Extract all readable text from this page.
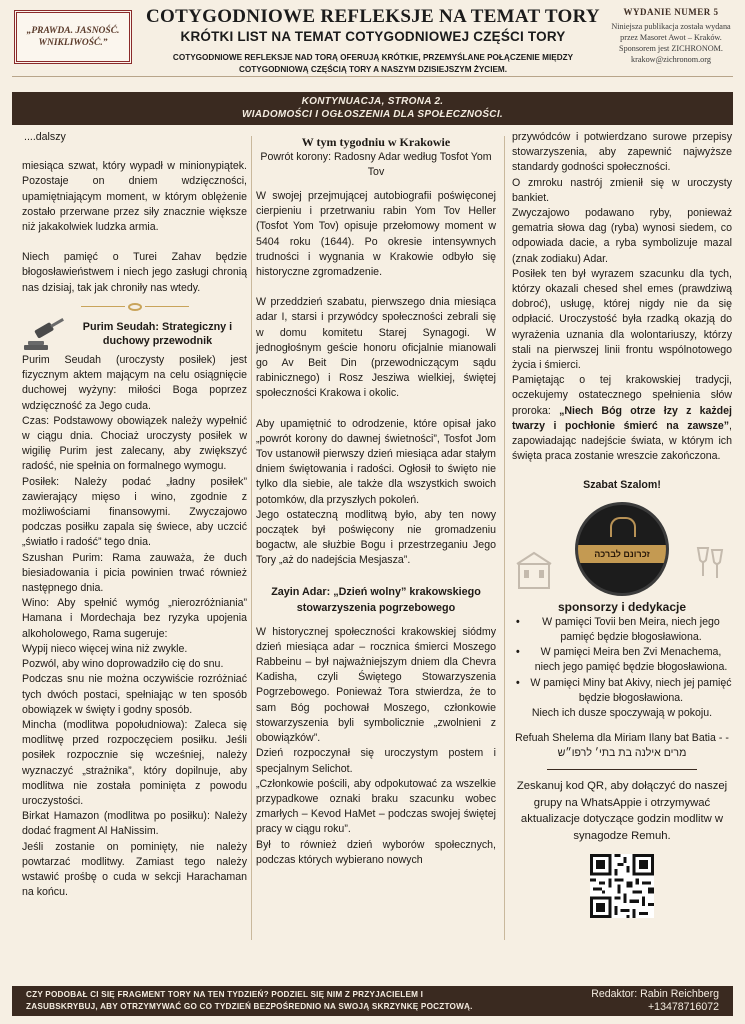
„PRAWDA. JASNOŚĆ. WNIKLIWOŚĆ.”
COTYGODNIOWE REFLEKSJE NA TEMAT TORY
KRÓTKI LIST NA TEMAT COTYGODNIOWEJ CZĘŚCI TORY
COTYGODNIOWE REFLEKSJE NAD TORĄ OFERUJĄ KRÓTKIE, PRZEMYŚLANE POŁĄCZENIE MIĘDZY COTYGODNIOWĄ CZĘŚCIĄ TORY A NASZYM DZISIEJSZYM ŻYCIEM.
WYDANIE NUMER 5
Niniejsza publikacja została wydana przez Masoret Awot – Kraków. Sponsorem jest ZICHRONOM. krakow@zichronom.org
KONTYNUACJA, STRONA 2.
WIADOMOŚCI I OGŁOSZENIA DLA SPOŁECZNOŚCI.
....dalszy

miesiąca szwat, który wypadł w minionypiątek. Pozostaje on dniem wdzięczności, upamiętniającym moment, w którym oblężenie zostało przerwane przez siły znacznie większe niż jakakolwiek ludzka armia.

Niech pamięć o Turei Zahav będzie błogosławieństwem i niech jego zasługi chronią nas dzisiaj, tak jak chroniły nas wtedy.

Purim Seudah: Strategiczny i duchowy przewodnik

Purim Seudah (uroczysty posiłek) jest fizycznym aktem mającym na celu osiągnięcie duchowej wyżyny: miłości Boga poprzez wdzięczność za Jego cuda.

Czas: Podstawowy obowiązek należy wypełnić w ciągu dnia. Chociaż uroczysty posiłek w wigilię Purim jest zalecany, aby zwiększyć radość, nie spełnia on formalnego wymogu.

Posiłek: Należy podać „ładny posiłek” zawierający mięso i wino, zgodnie z możliwościami finansowymi. Zwyczajowo podczas posiłku zapala się świece, aby uczcić „światło i radość” tego dnia.

Szushan Purim: Rama zauważa, że duch biesiadowania i picia powinien trwać również następnego dnia.

Wino: Aby spełnić wymóg „nierozróżniania” Hamana i Mordechaja bez ryzyka upojenia alkoholowego, Rama sugeruje:

Wypij nieco więcej wina niż zwykle.

Pozwól, aby wino doprowadziło cię do snu.

Podczas snu nie można oczywiście rozróżniać tych dwóch postaci, spełniając w ten sposób obowiązek w święty i godny sposób.

Mincha (modlitwa popołudniowa): Zaleca się modlitwę przed rozpoczęciem posiłku. Jeśli posiłek rozpocznie się wcześniej, należy wyznaczyć „strażnika”, który dopilnuje, aby modlitwa nie została pominięta z powodu uroczystości.

Birkat Hamazon (modlitwa po posiłku): Należy dodać fragment Al HaNissim.

Jeśli zostanie on pominięty, nie należy powtarzać modlitwy. Zamiast tego należy wstawić prośbę o cuda w sekcji Harachaman na końcu.

W tym tygodniu w Krakowie
Powrót korony: Radosny Adar według Tosfot Yom Tov

W swojej przejmującej autobiografii poświęconej cierpieniu i przetrwaniu rabin Yom Tov Heller (Tosfot Yom Tov) opisuje przełomowy moment w 5404 roku (1644). Po okresie intensywnych trudności i wygnania w Krakowie odbyło się historyczne zgromadzenie.

W przeddzień szabatu, pierwszego dnia miesiąca adar I, starsi i przywódcy społeczności zebrali się w domu komitetu Starej Synagogi. W jednogłośnym geście honoru oficjalnie mianowali go Av Beit Din (przewodniczącym sądu rabinicznego) i Rosz Jesziwa wielkiej, świętej społeczności Krakowa i okolic.

Aby upamiętnić to odrodzenie, które opisał jako „powrót korony do dawnej świetności”, Tosfot Jom Tov ustanowił pierwszy dzień miesiąca adar stałym dniem świętowania i radości. Ogłosił to święto nie tylko dla siebie, ale także dla wszystkich swoich potomków, dla przyszłych pokoleń.

Jego ostateczną modlitwą było, aby ten nowy początek był poświęcony nie gromadzeniu bogactw, ale służbie Bogu i przestrzeganiu Jego Tory „aż do nadejścia Mesjasza”.

Zayin Adar: „Dzień wolny” krakowskiego stowarzyszenia pogrzebowego

W historycznej społeczności krakowskiej siódmy dzień miesiąca adar – rocznica śmierci Moszego Rabbeinu – był najważniejszym dniem dla Chevra Kadisha, czyli Świętego Stowarzyszenia Pogrzebowego. Ponieważ Tora stwierdza, że to sam Bóg pochował Moszego, członkowie stowarzyszenia byli symbolicznie „zwolnieni z obowiązków”.

Dzień rozpoczynał się uroczystym postem i specjalnym Selichot.

„Członkowie pościli, aby odpokutować za wszelkie przypadkowe oznaki braku szacunku wobec zmarłych – Kevod HaMet – podczas swojej świętej pracy w ciągu roku”.

Był to również dzień wyborów społecznych, podczas których wybierano nowych

przywódców i potwierdzano surowe przepisy stowarzyszenia, aby zapewnić najwyższe standardy godności społeczności.

O zmroku nastrój zmienił się w uroczysty bankiet.

Zwyczajowo podawano ryby, ponieważ gematria słowa dag (ryba) wynosi siedem, co odpowiada dacie, a ryba symbolizuje mazal (znak zodiaku) Adar.

Posiłek ten był wyrazem szacunku dla tych, którzy okazali chesed shel emes (prawdziwą dobroć), usługę, której nigdy nie da się odpłacić. Uroczystość była rzadką okazją do wyrażenia uznania dla wolontariuszy, którzy stali na pierwszej linii frontu wspólnotowego życia i śmierci.

Pamiętając o tej krakowskiej tradycji, oczekujemy ostatecznego spełnienia słów proroka: „Niech Bóg otrze łzy z każdej twarzy i pochłonie śmierć na zawsze”, zapowiadając nadejście świata, w którym ich święta praca zostanie wreszcie zakończona.

Szabat Szalom!
זכרונם לברכה
sponsorzy i dedykacje
• W pamięci Tovii ben Meira, niech jego pamięć będzie błogosławiona.
• W pamięci Meira ben Zvi Menachema, niech jego pamięć będzie błogosławiona.
• W pamięci Miny bat Akivy, niech jej pamięć będzie błogosławiona.
Niech ich dusze spoczywają w pokoju.
Refuah Shelema dla Miriam Ilany bat Batia - - מרים אילנה בת בתי׳ לרפו״ש
Zeskanuj kod QR, aby dołączyć do naszej grupy na WhatsAppie i otrzymywać aktualizacje dotyczące godzin modlitw w synagodze Remuh.
CZY PODOBAŁ CI SIĘ FRAGMENT TORY NA TEN TYDZIEŃ? PODZIEL SIĘ NIM Z PRZYJACIELEM I ZASUBSKRYBUJ, ABY OTRZYMYWAĆ GO CO TYDZIEŃ BEZPOŚREDNIO NA SWOJĄ SKRZYNKĘ POCZTOWĄ.
Redaktor: Rabin Reichberg
+13478716072
